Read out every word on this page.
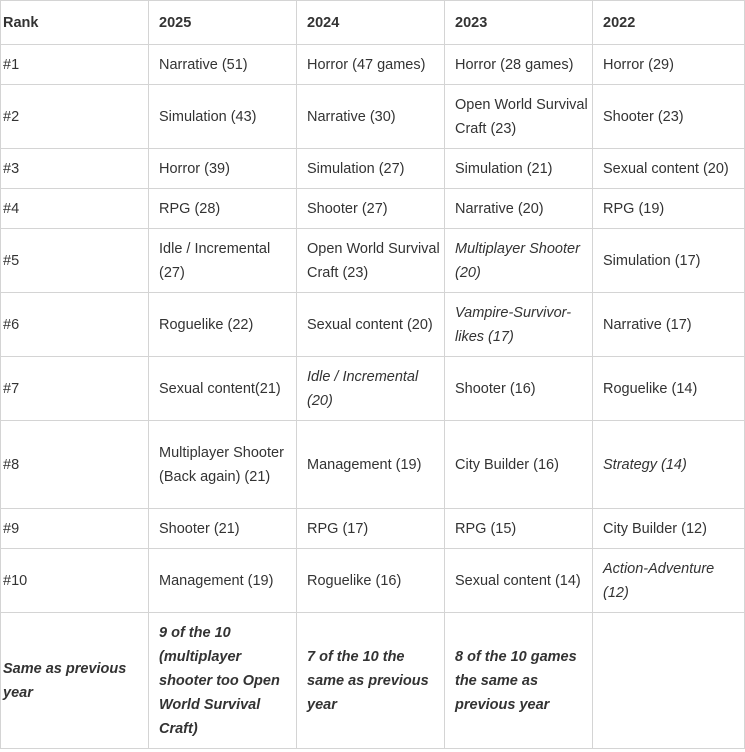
Rank	2025	2024	2023	2022
#1	Narrative (51)	Horror (47 games)	Horror (28 games)	Horror (29)
#2	Simulation (43)	Narrative (30)	Open World Survival Craft (23)	Shooter (23)
#3	Horror (39)	Simulation (27)	Simulation (21)	Sexual content (20)
#4	RPG (28)	Shooter (27)	Narrative (20)	RPG (19)
#5	Idle / Incremental (27)	Open World Survival Craft (23)	Multiplayer Shooter (20)	Simulation (17)
#6	Roguelike (22)	Sexual content (20)	Vampire-Survivor-likes (17)	Narrative (17)
#7	Sexual content(21)	Idle / Incremental (20)	Shooter (16)	Roguelike (14)
#8	Multiplayer Shooter (Back again) (21)	Management (19)	City Builder (16)	Strategy (14)
#9	Shooter (21)	RPG (17)	RPG (15)	City Builder (12)
#10	Management (19)	Roguelike (16)	Sexual content (14)	Action-Adventure (12)
Same as previous year	9 of the 10 (multiplayer shooter too Open World Survival Craft)	7 of the 10 the same as previous year	8 of the 10 games the same as previous year	
